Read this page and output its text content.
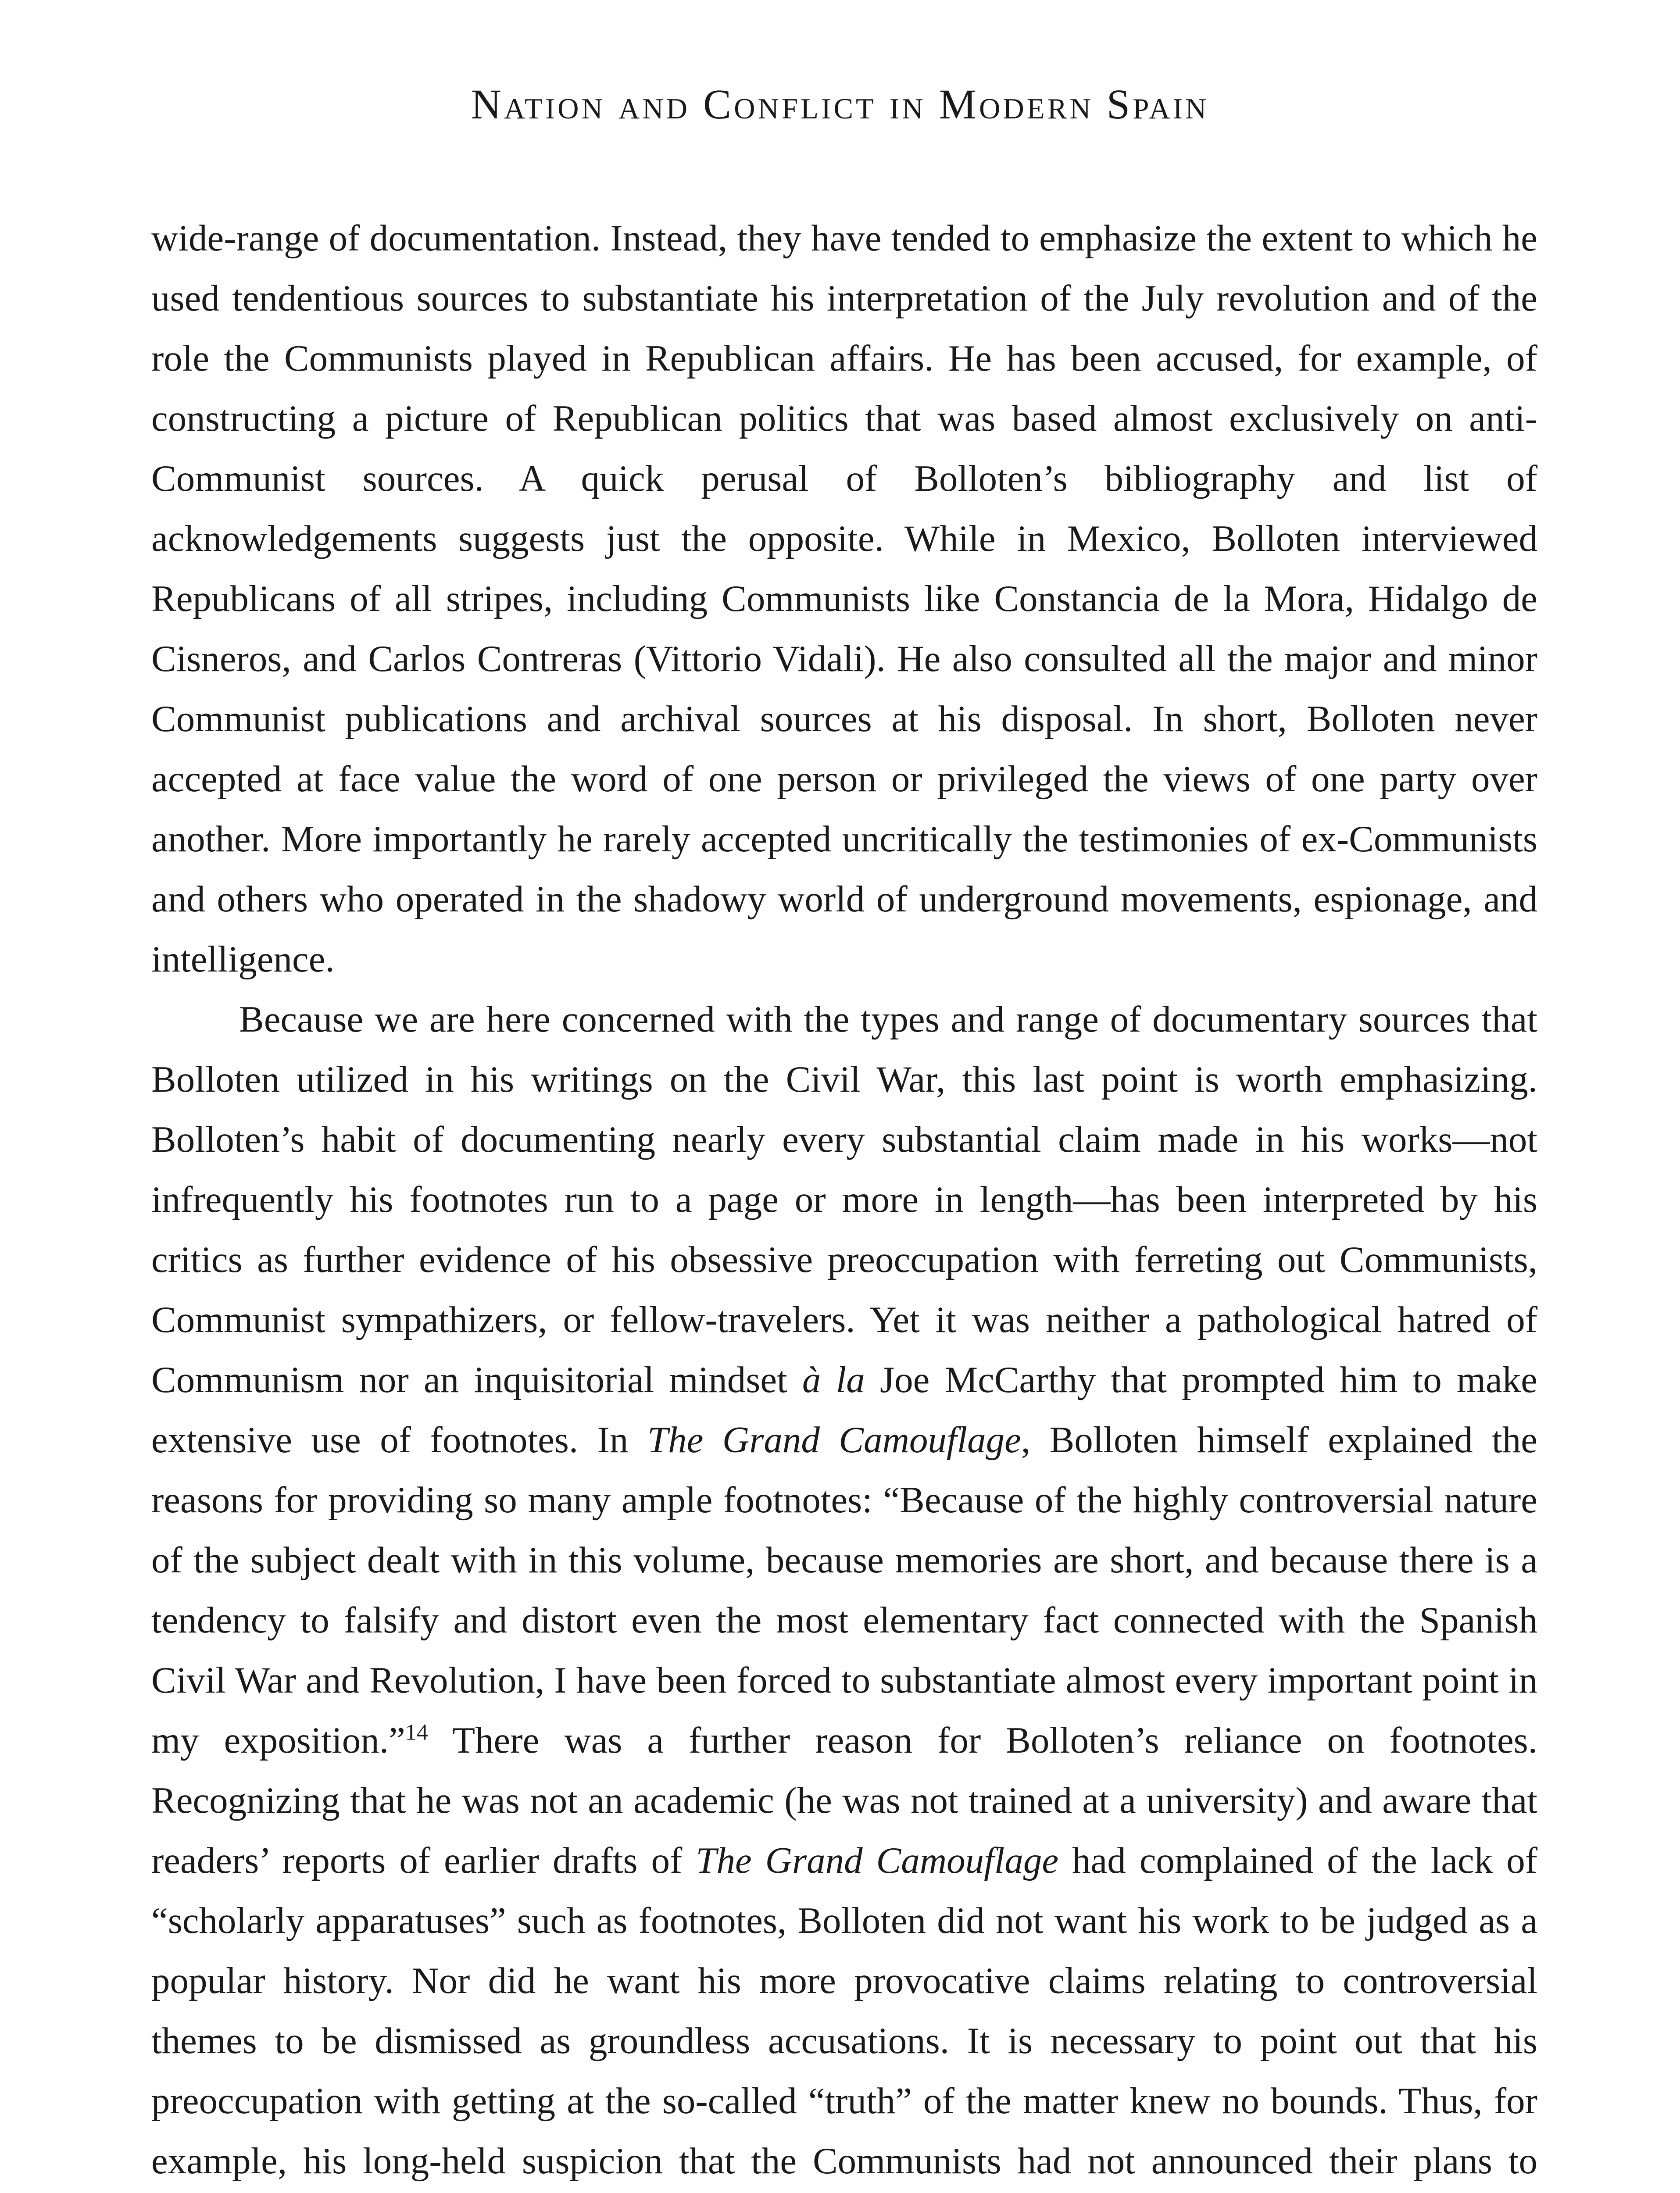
Nation and Conflict in Modern Spain

wide-range of documentation. Instead, they have tended to emphasize the extent to which he used tendentious sources to substantiate his interpretation of the July revolution and of the role the Communists played in Republican affairs. He has been accused, for example, of constructing a picture of Republican politics that was based almost exclusively on anti-Communist sources. A quick perusal of Bolloten’s bibliography and list of acknowledgements suggests just the opposite. While in Mexico, Bolloten interviewed Republicans of all stripes, including Communists like Constancia de la Mora, Hidalgo de Cisneros, and Carlos Contreras (Vittorio Vidali). He also consulted all the major and minor Communist publications and archival sources at his disposal. In short, Bolloten never accepted at face value the word of one person or privileged the views of one party over another. More importantly he rarely accepted uncritically the testimonies of ex-Communists and others who operated in the shadowy world of underground movements, espionage, and intelligence.

Because we are here concerned with the types and range of documentary sources that Bolloten utilized in his writings on the Civil War, this last point is worth emphasizing. Bolloten’s habit of documenting nearly every substantial claim made in his works—not infrequently his footnotes run to a page or more in length—has been interpreted by his critics as further evidence of his obsessive preoccupation with ferreting out Communists, Communist sympathizers, or fellow-travelers. Yet it was neither a pathological hatred of Communism nor an inquisitorial mindset à la Joe McCarthy that prompted him to make extensive use of footnotes. In The Grand Camouflage, Bolloten himself explained the reasons for providing so many ample footnotes: “Because of the highly controversial nature of the subject dealt with in this volume, because memories are short, and because there is a tendency to falsify and distort even the most elementary fact connected with the Spanish Civil War and Revolution, I have been forced to substantiate almost every important point in my exposition.”$^{14}$ There was a further reason for Bolloten’s reliance on footnotes. Recognizing that he was not an academic (he was not trained at a university) and aware that readers’ reports of earlier drafts of The Grand Camouflage had complained of the lack of “scholarly apparatuses” such as footnotes, Bolloten did not want his work to be judged as a popular history. Nor did he want his more provocative claims relating to controversial themes to be dismissed as groundless accusations. It is necessary to point out that his preoccupation with getting at the so-called “truth” of the matter knew no bounds. Thus, for example, his long-held suspicion that the Communists had not announced their plans to
